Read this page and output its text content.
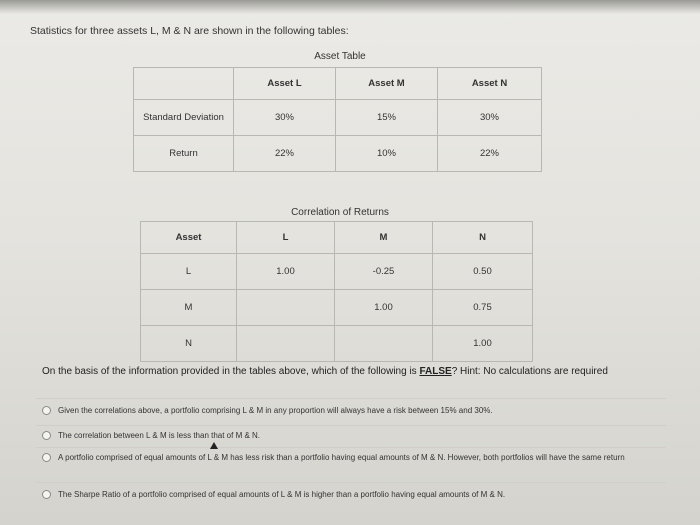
Statistics for three assets L, M & N are shown in the following tables:
Asset Table
	Asset L	Asset M	Asset N
Standard Deviation	30%	15%	30%
Return	22%	10%	22%
Correlation of Returns
Asset	L	M	N
L	1.00	-0.25	0.50
M		1.00	0.75
N			1.00
On the basis of the information provided in the tables above, which of the following is FALSE? Hint: No calculations are required
Given the correlations above, a portfolio comprising L & M in any proportion will always have a risk between 15% and 30%.
The correlation between L & M is less than that of M & N.
A portfolio comprised of equal amounts of L & M has less risk than a portfolio having equal amounts of M & N. However, both portfolios will have the same return
The Sharpe Ratio of a portfolio comprised of equal amounts of L & M is higher than a portfolio having equal amounts of M & N.
